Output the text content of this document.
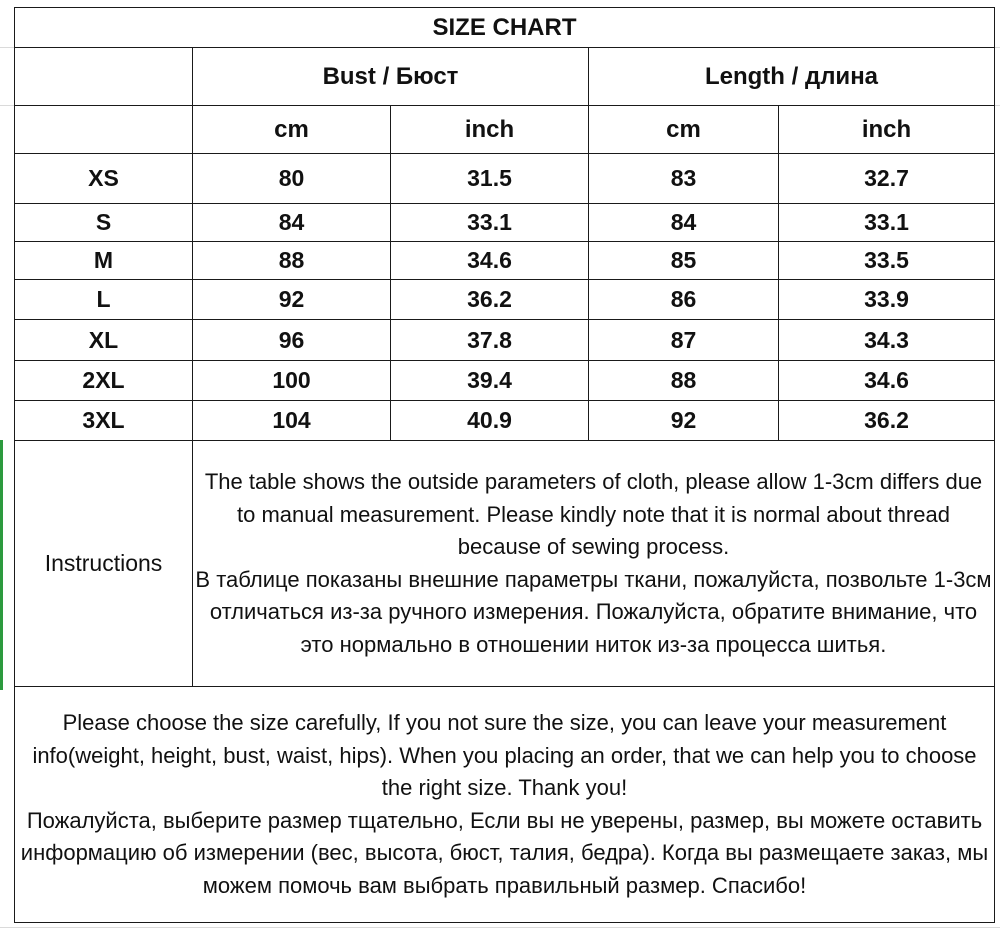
SIZE CHART				
	Bust / Бюст		Length / длина	
	cm	inch	cm	inch
XS	80	31.5	83	32.7
S	84	33.1	84	33.1
M	88	34.6	85	33.5
L	92	36.2	86	33.9
XL	96	37.8	87	34.3
2XL	100	39.4	88	34.6
3XL	104	40.9	92	36.2
Instructions	The table shows the outside parameters of cloth, please allow 1-3cm differs due to manual measurement. Please kindly note that it is normal about thread because of sewing process.
В таблице показаны внешние параметры ткани, пожалуйста, позвольте 1-3см отличаться из-за ручного измерения. Пожалуйста, обратите внимание, что это нормально в отношении ниток из-за процесса шитья.			

Please choose the size carefully, If you not sure the size, you can leave your measurement info(weight, height, bust, waist, hips). When you placing an order, that we can help you to choose the right size. Thank you!
Пожалуйста, выберите размер тщательно, Если вы не уверены, размер, вы можете оставить информацию об измерении (вес, высота, бюст, талия, бедра). Когда вы размещаете заказ, мы можем помочь вам выбрать правильный размер. Спасибо!				
